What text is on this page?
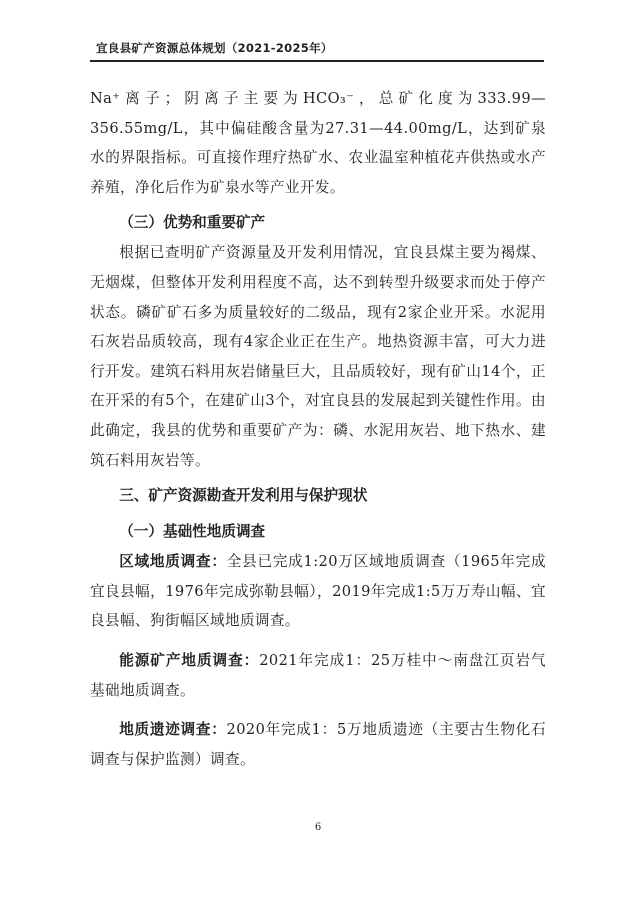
宜良县矿产资源总体规划（2021-2025年）

Na⁺离子；阴离子主要为HCO₃⁻，总矿化度为333.99—356.55mg/L，其中偏硅酸含量为27.31—44.00mg/L，达到矿泉水的界限指标。可直接作理疗热矿水、农业温室种植花卉供热或水产养殖，净化后作为矿泉水等产业开发。

（三）优势和重要矿产

根据已查明矿产资源量及开发利用情况，宜良县煤主要为褐煤、无烟煤，但整体开发利用程度不高，达不到转型升级要求而处于停产状态。磷矿矿石多为质量较好的二级品，现有2家企业开采。水泥用石灰岩品质较高，现有4家企业正在生产。地热资源丰富，可大力进行开发。建筑石料用灰岩储量巨大，且品质较好，现有矿山14个，正在开采的有5个，在建矿山3个，对宜良县的发展起到关键性作用。由此确定，我县的优势和重要矿产为：磷、水泥用灰岩、地下热水、建筑石料用灰岩等。

三、矿产资源勘查开发利用与保护现状

（一）基础性地质调查

区域地质调查：全县已完成1:20万区域地质调查（1965年完成宜良县幅，1976年完成弥勒县幅），2019年完成1:5万万寿山幅、宜良县幅、狗街幅区域地质调查。

能源矿产地质调查：2021年完成1：25万桂中～南盘江页岩气基础地质调查。

地质遗迹调查：2020年完成1：5万地质遗迹（主要古生物化石调查与保护监测）调查。

6
